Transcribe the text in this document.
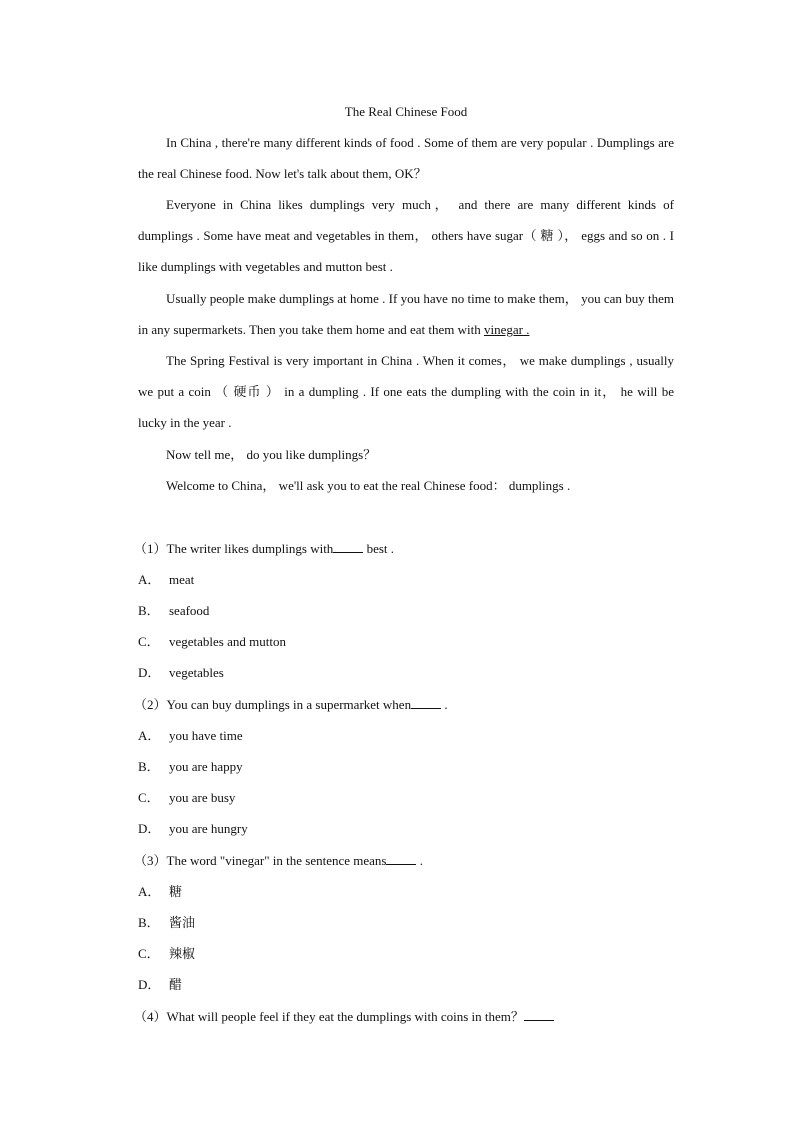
The Real Chinese Food

In China , there're many different kinds of food . Some of them are very popular . Dumplings are the real Chinese food. Now let's talk about them, OK？

Everyone in China likes dumplings very much， and there are many different kinds of dumplings . Some have meat and vegetables in them， others have sugar（ 糖 ）， eggs and so on . I like dumplings with vegetables and mutton best .

Usually people make dumplings at home . If you have no time to make them， you can buy them in any supermarkets. Then you take them home and eat them with vinegar .

The Spring Festival is very important in China . When it comes， we make dumplings , usually we put a coin （ 硬币 ） in a dumpling . If one eats the dumpling with the coin in it， he will be lucky in the year .

Now tell me， do you like dumplings？

Welcome to China， we'll ask you to eat the real Chinese food： dumplings .

（1）The writer likes dumplings with best .
A． meat
B． seafood
C． vegetables and mutton
D． vegetables
（2）You can buy dumplings in a supermarket when .
A． you have time
B． you are happy
C． you are busy
D． you are hungry
（3）The word "vinegar" in the sentence means .
A． 糖
B． 酱油
C． 辣椒
D． 醋
（4）What will people feel if they eat the dumplings with coins in them？
